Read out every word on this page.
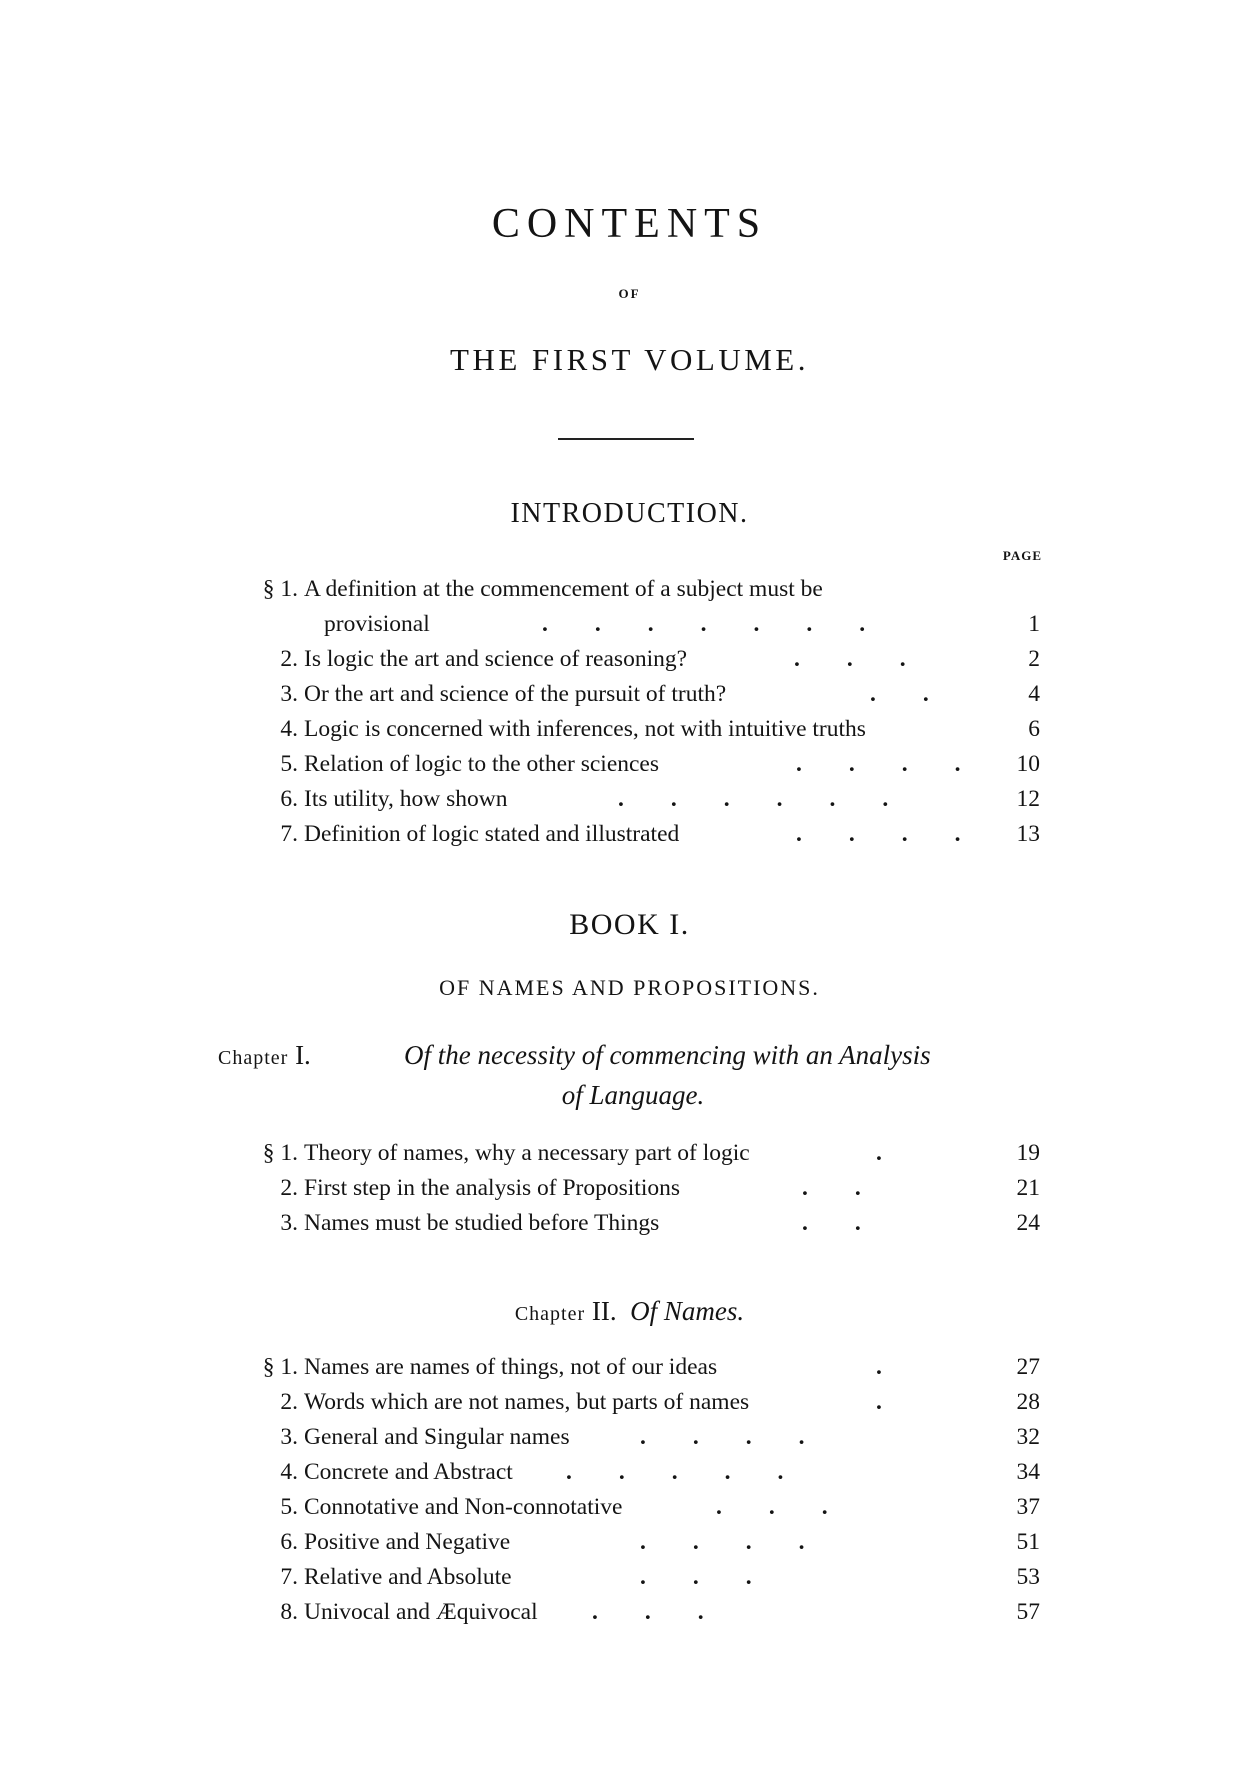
CONTENTS
OF
THE FIRST VOLUME.
INTRODUCTION.
PAGE
§ 1. A definition at the commencement of a subject must be
provisional	.  .  .  .  .  .  .	1
2. Is logic the art and science of reasoning?	.  .  .	2
3. Or the art and science of the pursuit of truth?	.  .	4
4. Logic is concerned with inferences, not with intuitive truths	6
5. Relation of logic to the other sciences	.  .  .  . 10
6. Its utility, how shown	.  .  .  .  .  .	12
7. Definition of logic stated and illustrated	.  .  .  . 13
BOOK I.
OF NAMES AND PROPOSITIONS.
Chapter I.	Of the necessity of commencing with an Analysis
of Language.
§ 1. Theory of names, why a necessary part of logic	.	19
2. First step in the analysis of Propositions	.  .	21
3. Names must be studied before Things	.  .	24
Chapter II. Of Names.
§ 1. Names are names of things, not of our ideas	.	27
2. Words which are not names, but parts of names	.	28
3. General and Singular names	.  .  .  .	32
4. Concrete and Abstract .  .  .  .  .	34
5. Connotative and Non-connotative	.  .  .	37
6. Positive and Negative	.  .  .  .	51
7. Relative and Absolute	.  .  .	53
8. Univocal and Æquivocal .  .  .	57
